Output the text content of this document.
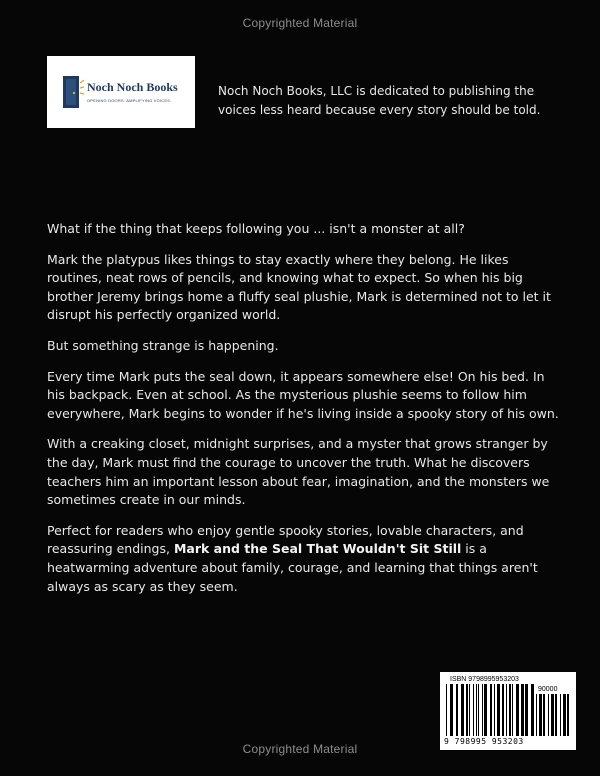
Copyrighted Material
Noch Noch Books
OPENING DOORS. AMPLIFYING VOICES.
Noch Noch Books, LLC is dedicated to publishing the voices less heard because every story should be told.

What if the thing that keeps following you ... isn't a monster at all?

Mark the platypus likes things to stay exactly where they belong. He likes routines, neat rows of pencils, and knowing what to expect. So when his big brother Jeremy brings home a fluffy seal plushie, Mark is determined not to let it disrupt his perfectly organized world.

But something strange is happening.

Every time Mark puts the seal down, it appears somewhere else! On his bed. In his backpack. Even at school. As the mysterious plushie seems to follow him everywhere, Mark begins to wonder if he's living inside a spooky story of his own.

With a creaking closet, midnight surprises, and a myster that grows stranger by the day, Mark must find the courage to uncover the truth. What he discovers teachers him an important lesson about fear, imagination, and the monsters we sometimes create in our minds.

Perfect for readers who enjoy gentle spooky stories, lovable characters, and reassuring endings, Mark and the Seal That Wouldn't Sit Still is a heatwarming adventure about family, courage, and learning that things aren't always as scary as they seem.

ISBN 9798995953203
90000
9 798995 953203
Copyrighted Material
